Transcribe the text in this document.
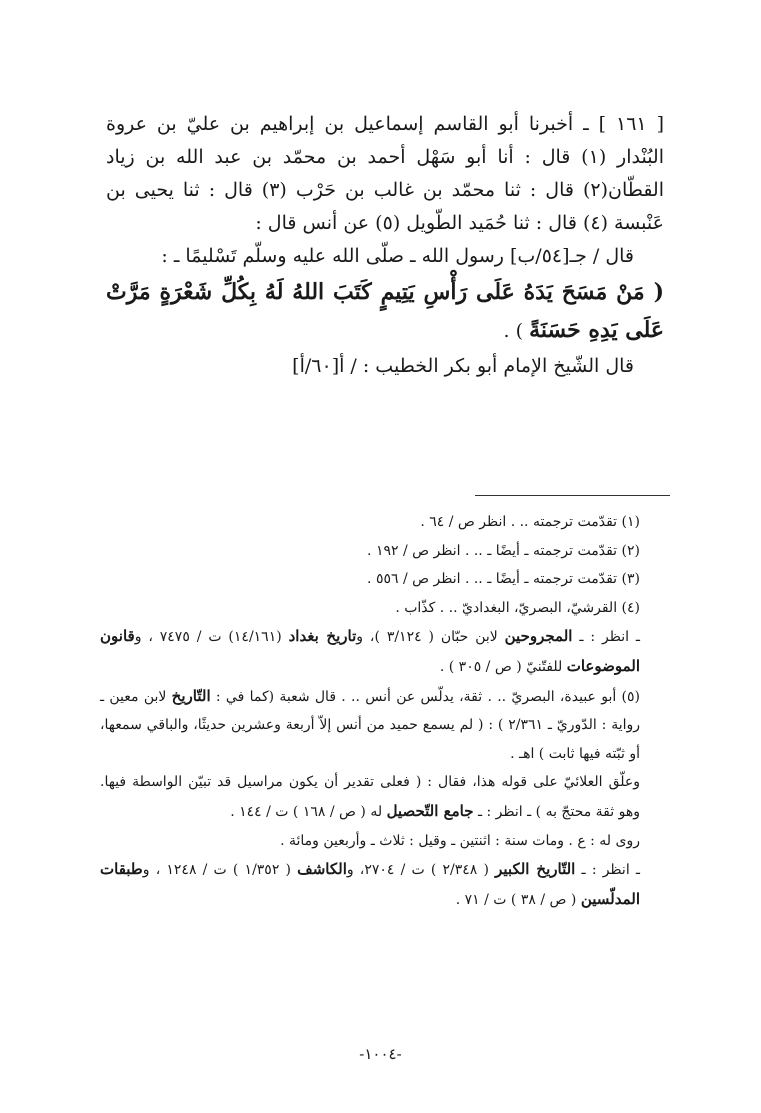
[ ١٦١ ] ـ أخبرنا أبو القاسم إسماعيل بن إبراهيم بن عليّ بن عروة البُنْدار (١) قال : أنا أبو سَهْل أحمد بن محمّد بن عبد الله بن زياد القطّان(٢) قال : ثنا محمّد بن غالب بن حَرْب (٣) قال : ثنا يحيى بن عَنْبسة (٤) قال : ثنا حُمَيد الطّويل (٥) عن أنس قال :

قال / جـ[٥٤/ب] رسول الله ـ صلّى الله عليه وسلّم تَسْليمًا ـ :

( مَنْ مَسَحَ يَدَهُ عَلَى رَأْسِ يَتِيمٍ كَتَبَ اللهُ لَهُ بِكُلِّ شَعْرَةٍ مَرَّتْ عَلَى يَدِهِ حَسَنَةً ) .

قال الشّيخ الإمام أبو بكر الخطيب : / أ[٦٠/أ]

(١) تقدّمت ترجمته .. . انظر ص / ٦٤ .

(٢) تقدّمت ترجمته ـ أيضًا ـ .. . انظر ص / ١٩٢ .

(٣) تقدّمت ترجمته ـ أيضًا ـ .. . انظر ص / ٥٥٦ .

(٤) القرشيّ، البصريّ، البغداديّ .. . كذّاب .

ـ انظر : ـ المجروحين لابن حبّان ( ٣/١٢٤ )، وتاريخ بغداد (١٤/١٦١) ت / ٧٤٧٥ ، وقانون الموضوعات للفتّنيّ ( ص / ٣٠٥ ) .

(٥) أبو عبيدة، البصريّ .. . ثقة، يدلّس عن أنس .. . قال شعبة (كما في : التّاريخ لابن معين ـ رواية : الدّوريّ ـ ٢/٣٦١ ) : ( لم يسمع حميد من أنس إلاّ أربعة وعشرين حديثًا، والباقي سمعها، أو ثبّته فيها ثابت ) اهـ .

وعلّق العلائيّ على قوله هذا، فقال : ( فعلى تقدير أن يكون مراسيل قد تبيّن الواسطة فيها. وهو ثقة محتجّ به ) ـ انظر : ـ جامع التّحصيل له ( ص / ١٦٨ ) ت / ١٤٤ .

روى له : ع . ومات سنة : اثنتين ـ وقيل : ثلاث ـ وأربعين ومائة .

ـ انظر : ـ التّاريخ الكبير ( ٢/٣٤٨ ) ت / ٢٧٠٤، والكاشف ( ١/٣٥٢ ) ت / ١٢٤٨ ، وطبقات المدلّسين ( ص / ٣٨ ) ت / ٧١ .

-١٠٠٤-
